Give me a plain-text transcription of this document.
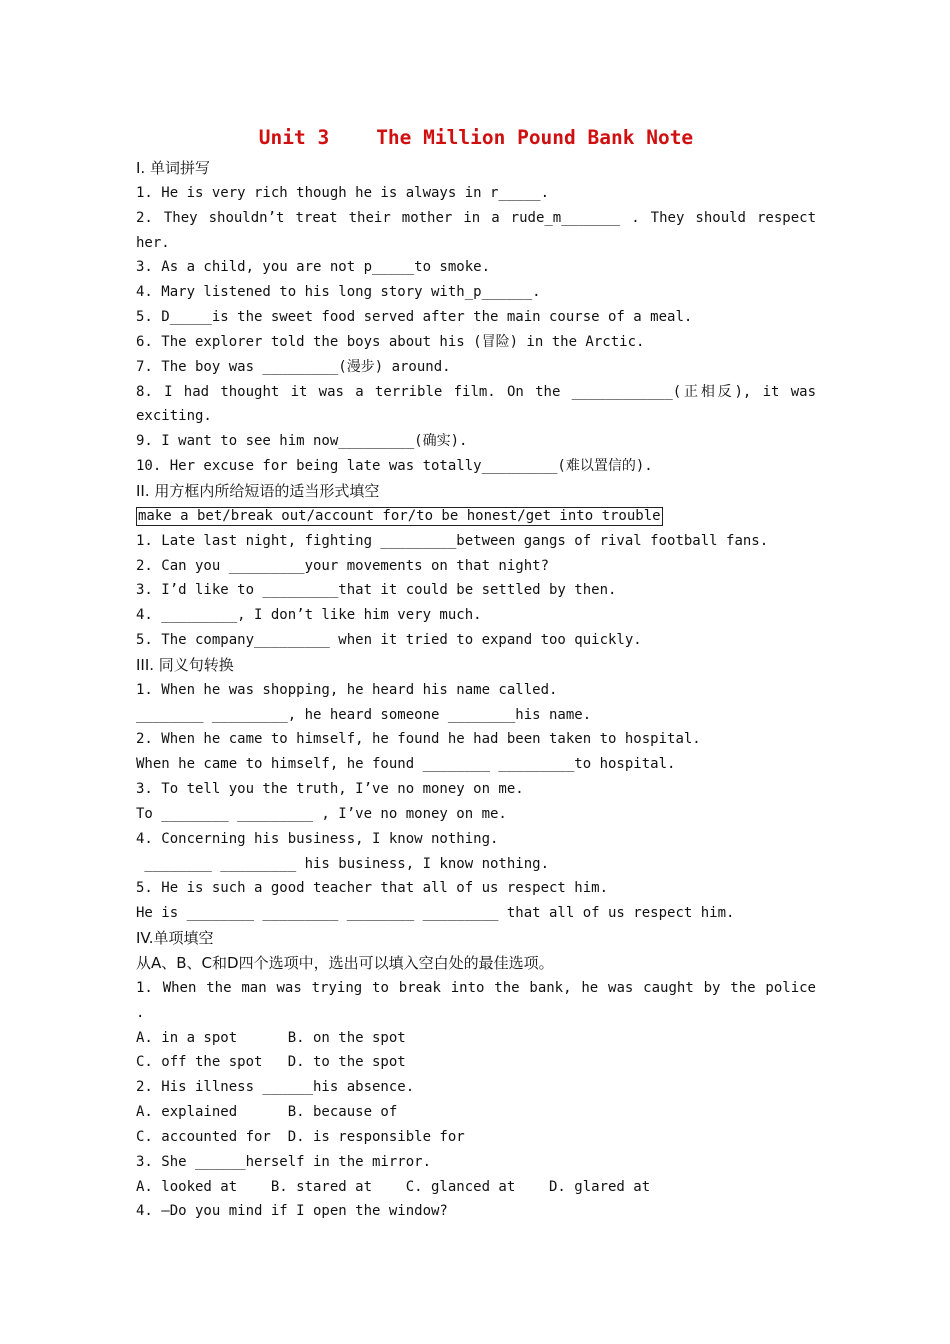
Unit 3    The Million Pound Bank Note
I. 单词拼写
1. He is very rich though he is always in r_____.
2. They shouldn’t treat their mother in a rude_m_______ . They should respect
her.
3. As a child, you are not p_____to smoke.
4. Mary listened to his long story with_p______.
5. D_____is the sweet food served after the main course of a meal.
6. The explorer told the boys about his (冒险) in the Arctic.
7. The boy was _________(漫步) around.
8. I had thought it was a terrible film. On the ____________(正相反), it was
exciting.
9. I want to see him now_________(确实).
10. Her excuse for being late was totally_________(难以置信的).
II. 用方框内所给短语的适当形式填空
make a bet/break out/account for/to be honest/get into trouble
1. Late last night, fighting _________between gangs of rival football fans.
2. Can you _________your movements on that night?
3. I’d like to _________that it could be settled by then.
4. _________, I don’t like him very much.
5. The company_________ when it tried to expand too quickly.
III. 同义句转换
1. When he was shopping, he heard his name called.
________ _________, he heard someone ________his name.
2. When he came to himself, he found he had been taken to hospital.
When he came to himself, he found ________ _________to hospital.
3. To tell you the truth, I’ve no money on me.
To ________ _________ , I’ve no money on me.
4. Concerning his business, I know nothing.
________ _________ his business, I know nothing.
5. He is such a good teacher that all of us respect him.
He is ________ _________ ________ _________ that all of us respect him.
IV.单项填空
从A、B、C和D四个选项中，选出可以填入空白处的最佳选项。
1. When the man was trying to break into the bank, he was caught by the police
.
A. in a spot      B. on the spot
C. off the spot   D. to the spot
2. His illness ______his absence.
A. explained      B. because of
C. accounted for  D. is responsible for
3. She ______herself in the mirror.
A. looked at    B. stared at    C. glanced at    D. glared at
4. —Do you mind if I open the window?
